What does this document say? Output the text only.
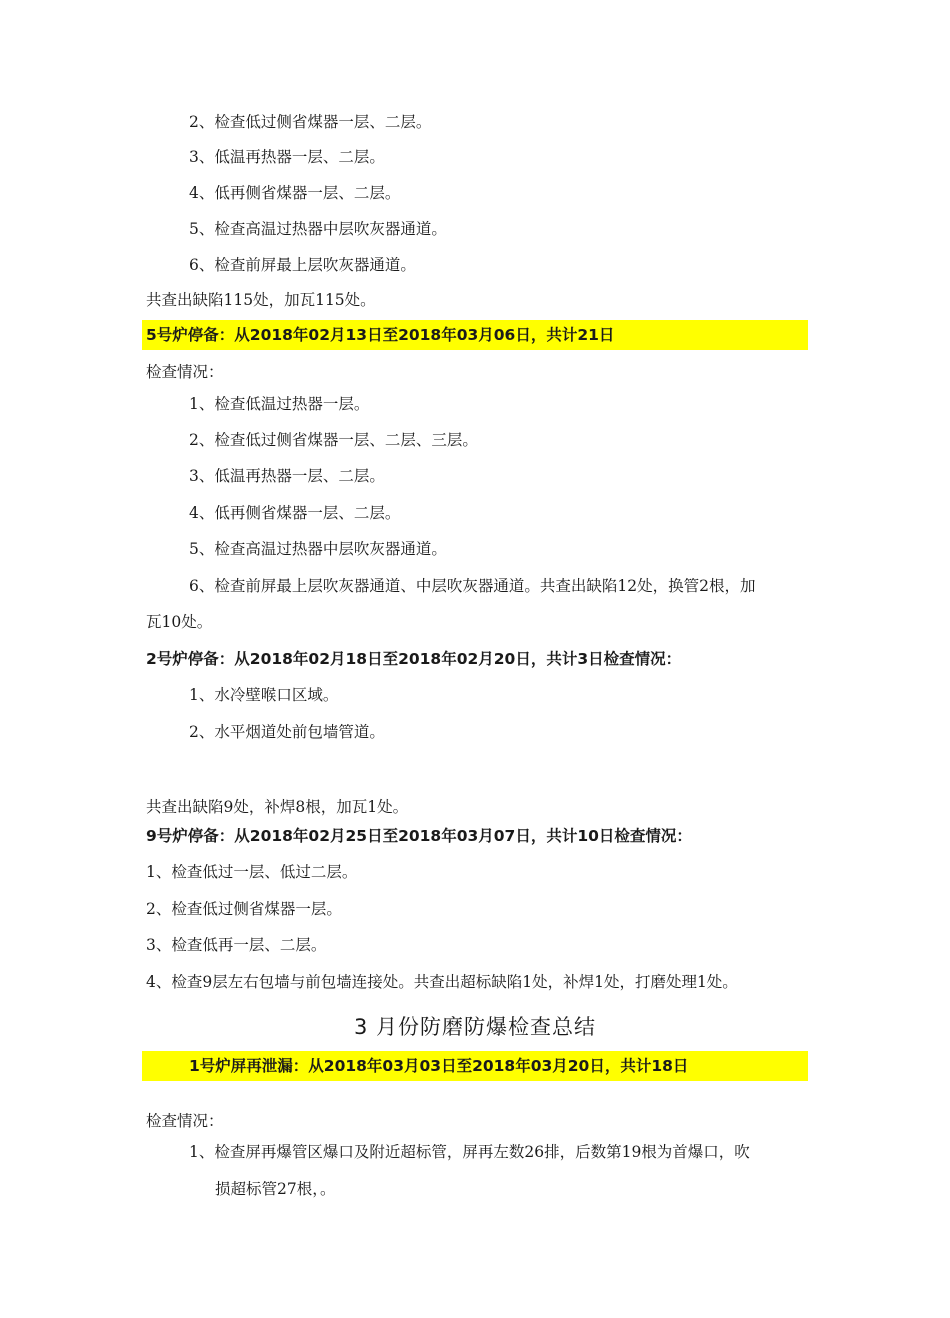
2、检查低过侧省煤器一层、二层。
3、低温再热器一层、二层。
4、低再侧省煤器一层、二层。
5、检查高温过热器中层吹灰器通道。
6、检查前屏最上层吹灰器通道。
共查出缺陷115处，加瓦115处。
5号炉停备：从2018年02月13日至2018年03月06日，共计21日
检查情况：
1、检查低温过热器一层。
2、检查低过侧省煤器一层、二层、三层。
3、低温再热器一层、二层。
4、低再侧省煤器一层、二层。
5、检查高温过热器中层吹灰器通道。
6、检查前屏最上层吹灰器通道、中层吹灰器通道。共查出缺陷12处，换管2根，加
瓦10处。
2号炉停备：从2018年02月18日至2018年02月20日，共计3日检查情况：
1、水冷壁喉口区域。
2、水平烟道处前包墙管道。
共查出缺陷9处，补焊8根，加瓦1处。
9号炉停备：从2018年02月25日至2018年03月07日，共计10日检查情况：
1、检查低过一层、低过二层。
2、检查低过侧省煤器一层。
3、检查低再一层、二层。
4、检查9层左右包墙与前包墙连接处。共查出超标缺陷1处，补焊1处，打磨处理1处。
3 月份防磨防爆检查总结
1号炉屏再泄漏：从2018年03月03日至2018年03月20日，共计18日
检查情况：
1、检查屏再爆管区爆口及附近超标管，屏再左数26排，后数第19根为首爆口，吹
损超标管27根，。
